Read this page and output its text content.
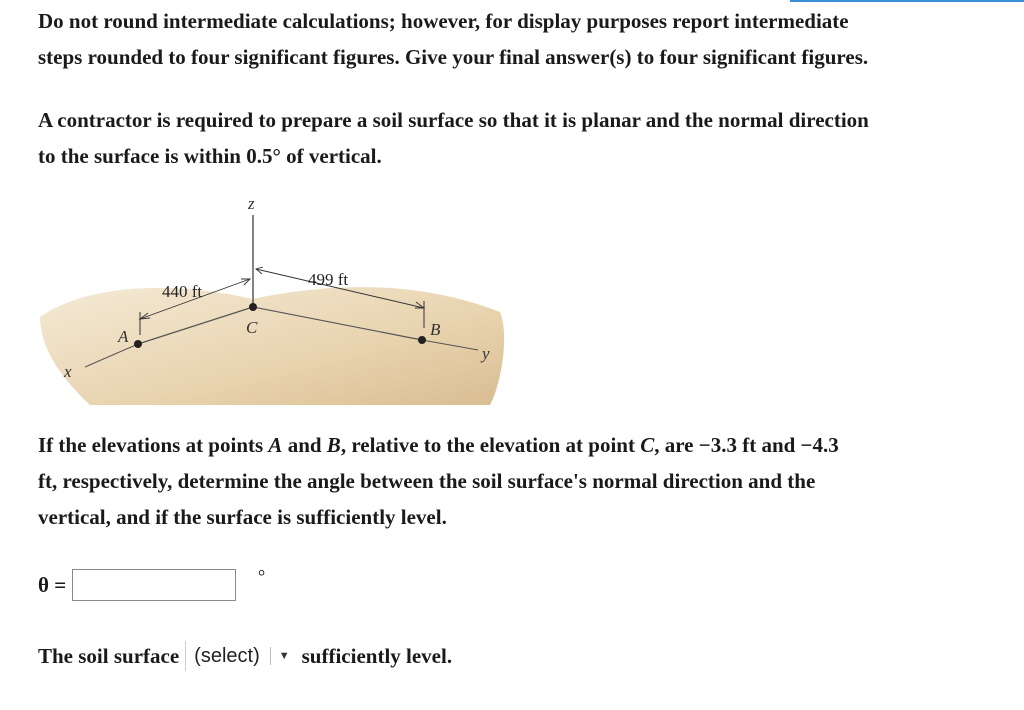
Do not round intermediate calculations; however, for display purposes report intermediate
steps rounded to four significant figures. Give your final answer(s) to four significant figures.

A contractor is required to prepare a soil surface so that it is planar and the normal direction
to the surface is within 0.5° of vertical.

z
x
y
A	C	B
440 ft
499 ft

If the elevations at points A and B, relative to the elevation at point C, are −3.3 ft and −4.3
ft, respectively, determine the angle between the soil surface's normal direction and the
vertical, and if the surface is sufficiently level.

θ =	°
The soil surface (select)	▼ sufficiently level.
